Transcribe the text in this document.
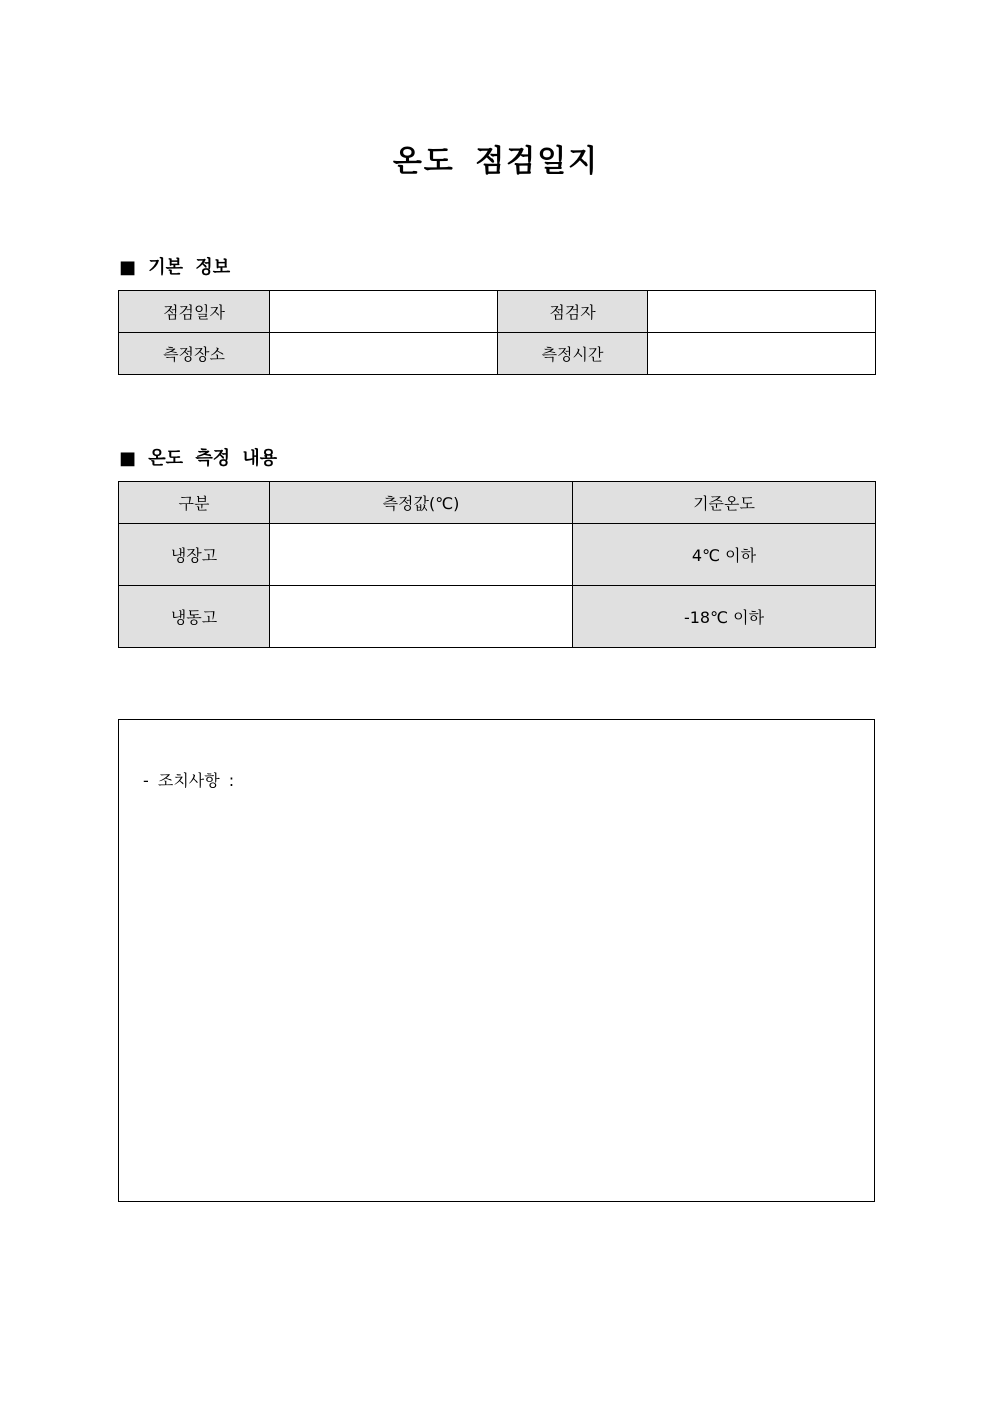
온도 점검일지
■ 기본 정보
점검일자		점검자	
측정장소		측정시간	
■ 온도 측정 내용
구분	측정값(℃)	기준온도
냉장고		4℃ 이하
냉동고		-18℃ 이하
- 조치사항 :
